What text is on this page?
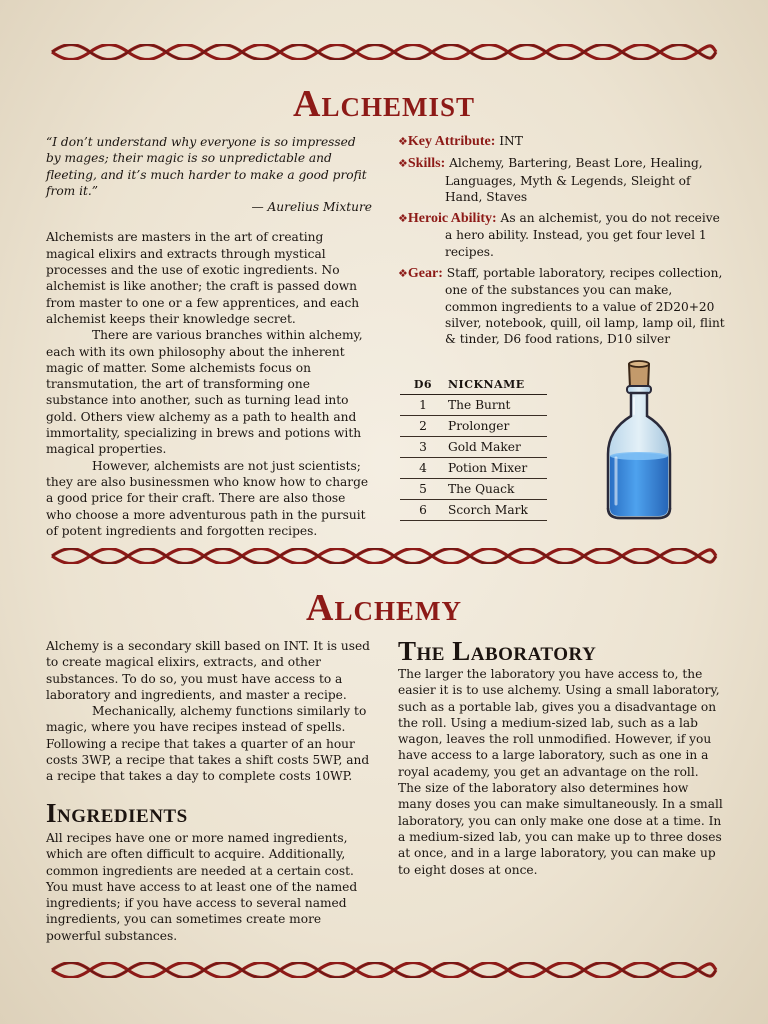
Alchemist

“I don’t understand why everyone is so impressed by mages; their magic is so unpredictable and fleeting, and it’s much harder to make a good profit from it.”

— Aurelius Mixture

Alchemists are masters in the art of creating magical elixirs and extracts through mystical processes and the use of exotic ingredients. No alchemist is like another; the craft is passed down from master to one or a few apprentices, and each alchemist keeps their knowledge secret.

There are various branches within alchemy, each with its own philosophy about the inherent magic of matter. Some alchemists focus on transmutation, the art of transforming one substance into another, such as turning lead into gold. Others view alchemy as a path to health and immortality, specializing in brews and potions with magical properties.

However, alchemists are not just scientists; they are also businessmen who know how to charge a good price for their craft. There are also those who choose a more adventurous path in the pursuit of potent ingredients and forgotten recipes.

❖Key Attribute: INT
❖Skills: Alchemy, Bartering, Beast Lore, Healing, Languages, Myth & Legends, Sleight of Hand, Staves
❖Heroic Ability: As an alchemist, you do not receive a hero ability. Instead, you get four level 1 recipes.
❖Gear: Staff, portable laboratory, recipes collection, one of the substances you can make, common ingredients to a value of 2D20+20 silver, notebook, quill, oil lamp, lamp oil, flint & tinder, D6 food rations, D10 silver
D6	NICKNAME
1	The Burnt
2	Prolonger
3	Gold Maker
4	Potion Mixer
5	The Quack
6	Scorch Mark
Alchemy

Alchemy is a secondary skill based on INT. It is used to create magical elixirs, extracts, and other substances. To do so, you must have access to a laboratory and ingredients, and master a recipe.

Mechanically, alchemy functions similarly to magic, where you have recipes instead of spells. Following a recipe that takes a quarter of an hour costs 3WP, a recipe that takes a shift costs 5WP, and a recipe that takes a day to complete costs 10WP.

Ingredients

All recipes have one or more named ingredients, which are often difficult to acquire. Additionally, common ingredients are needed at a certain cost. You must have access to at least one of the named ingredients; if you have access to several named ingredients, you can sometimes create more powerful substances.

The Laboratory

The larger the laboratory you have access to, the easier it is to use alchemy. Using a small laboratory, such as a portable lab, gives you a disadvantage on the roll. Using a medium-sized lab, such as a lab wagon, leaves the roll unmodified. However, if you have access to a large laboratory, such as one in a royal academy, you get an advantage on the roll. The size of the laboratory also determines how many doses you can make simultaneously. In a small laboratory, you can only make one dose at a time. In a medium-sized lab, you can make up to three doses at once, and in a large laboratory, you can make up to eight doses at once.
